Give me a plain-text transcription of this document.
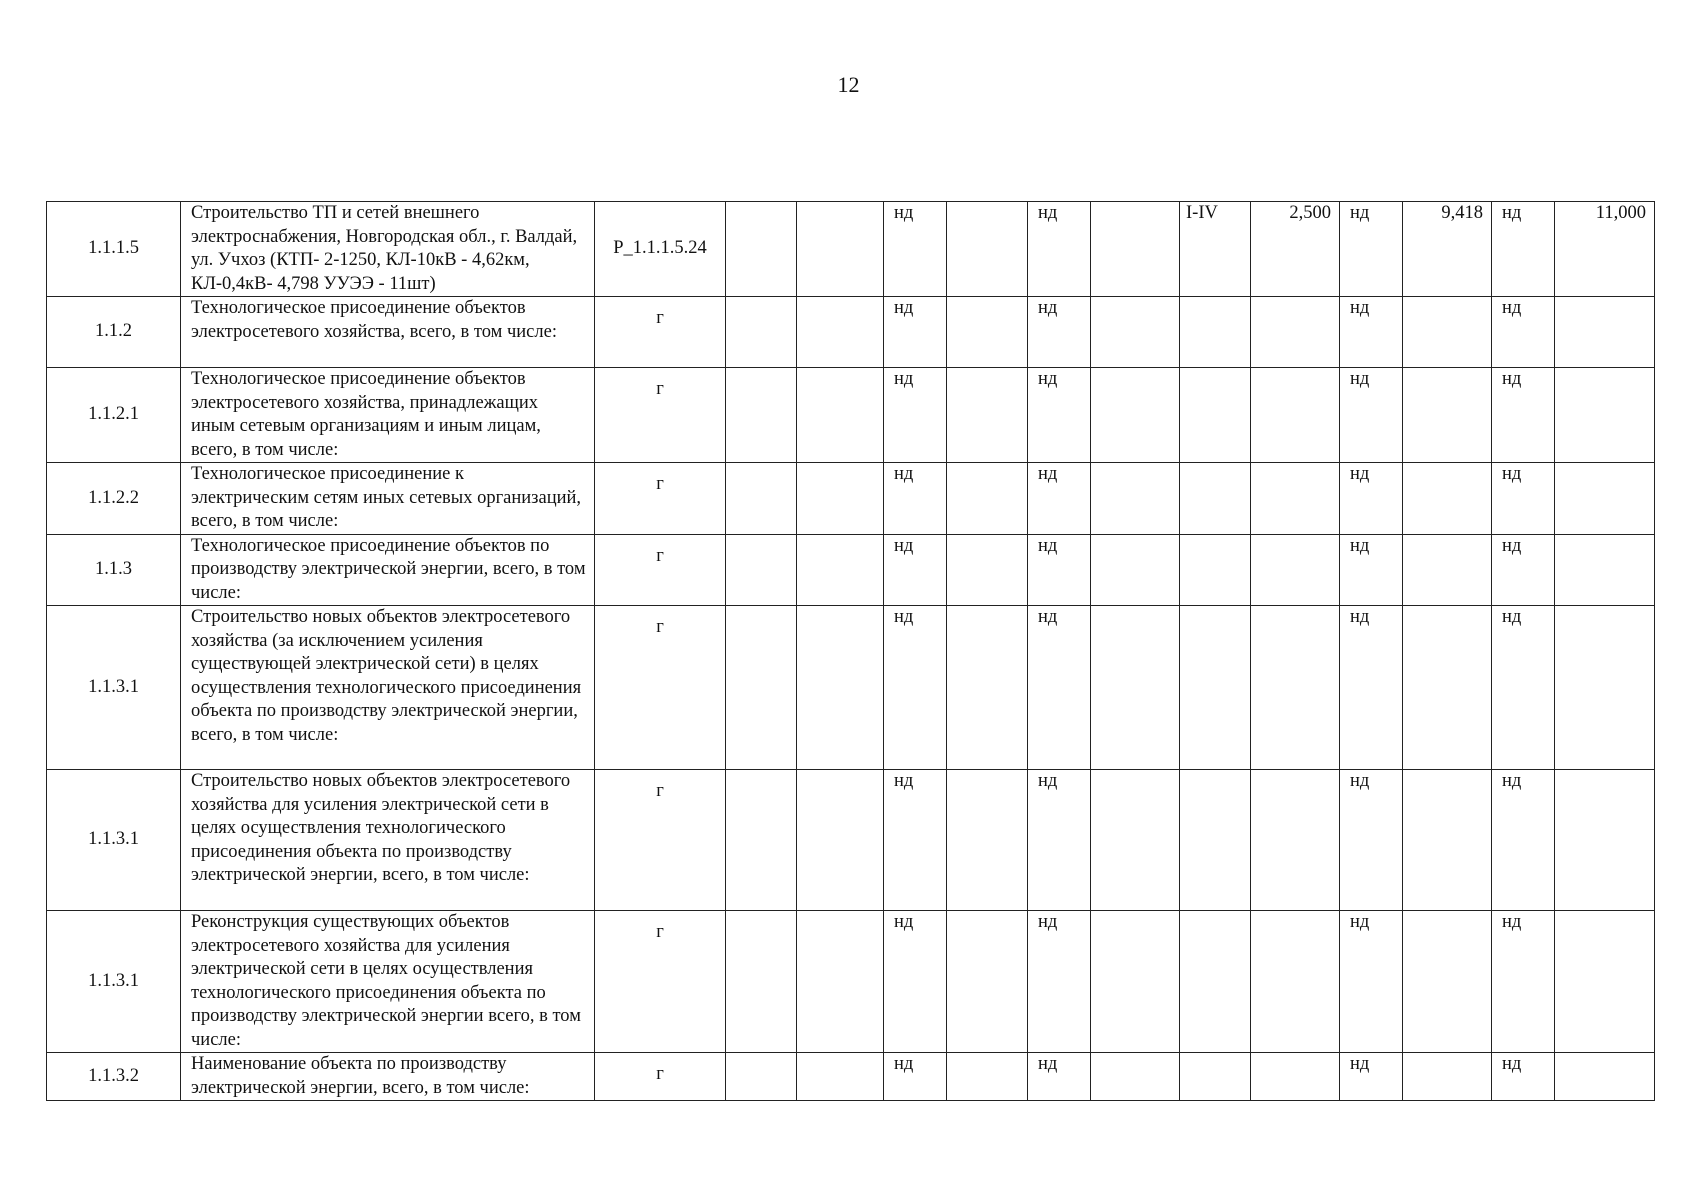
12
1.1.1.5	Строительство ТП и сетей внешнего электроснабжения, Новгородская обл., г. Валдай, ул. Учхоз (КТП- 2-1250, КЛ-10кВ - 4,62км, КЛ-0,4кВ- 4,798 УУЭЭ - 11шт)	P_1.1.1.5.24			нд		нд		I-IV	2,500	нд	9,418	нд	11,000
1.1.2	Технологическое присоединение объектов электросетевого хозяйства, всего, в том числе:	г			нд		нд				нд		нд	
1.1.2.1	Технологическое присоединение объектов электросетевого хозяйства, принадлежащих иным сетевым организациям и иным лицам, всего, в том числе:	г			нд		нд				нд		нд	
1.1.2.2	Технологическое присоединение к электрическим сетям иных сетевых организаций, всего, в том числе:	г			нд		нд				нд		нд	
1.1.3	Технологическое присоединение объектов по производству электрической энергии, всего, в том числе:	г			нд		нд				нд		нд	
1.1.3.1	Строительство новых объектов электросетевого хозяйства (за исключением усиления существующей электрической сети) в целях осуществления технологического присоединения объекта по производству электрической энергии, всего, в том числе:	г			нд		нд				нд		нд	
1.1.3.1	Строительство новых объектов электросетевого хозяйства для усиления электрической сети в целях осуществления технологического присоединения объекта по производству электрической энергии, всего, в том числе:	г			нд		нд				нд		нд	
1.1.3.1	Реконструкция существующих объектов электросетевого хозяйства для усиления электрической сети в целях осуществления технологического присоединения объекта по производству электрической энергии всего, в том числе:	г			нд		нд				нд		нд	
1.1.3.2	Наименование объекта по производству электрической энергии, всего, в том числе:	г			нд		нд				нд		нд	
